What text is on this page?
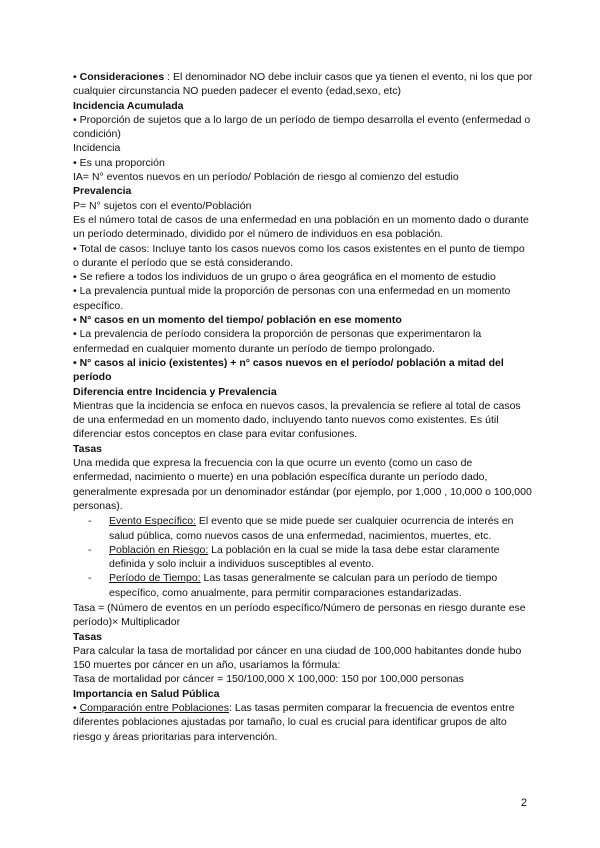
• Consideraciones : El denominador NO debe incluir casos que ya tienen el evento, ni los que por cualquier circunstancia NO pueden padecer el evento (edad,sexo, etc)

Incidencia Acumulada

• Proporción de sujetos que a lo largo de un período de tiempo desarrolla el evento (enfermedad o condición)

Incidencia

• Es una proporción

IA= N° eventos nuevos en un período/ Población de riesgo al comienzo del estudio

Prevalencia

P= N° sujetos con el evento/Población

Es el número total de casos de una enfermedad en una población en un momento dado o durante un período determinado, dividido por el número de individuos en esa población.

• Total de casos: Incluye tanto los casos nuevos como los casos existentes en el punto de tiempo o durante el período que se está considerando.

• Se refiere a todos los individuos de un grupo o área geográfica en el momento de estudio

• La prevalencia puntual mide la proporción de personas con una enfermedad en un momento específico.

• N° casos en un momento del tiempo/ población en ese momento

• La prevalencia de período considera la proporción de personas que experimentaron la enfermedad en cualquier momento durante un período de tiempo prolongado.

• N° casos al inicio (existentes) + n° casos nuevos en el período/ población a mitad del período

Diferencia entre Incidencia y Prevalencia

Mientras que la incidencia se enfoca en nuevos casos, la prevalencia se refiere al total de casos de una enfermedad en un momento dado, incluyendo tanto nuevos como existentes. Es útil diferenciar estos conceptos en clase para evitar confusiones.

Tasas

Una medida que expresa la frecuencia con la que ocurre un evento (como un caso de enfermedad, nacimiento o muerte) en una población específica durante un período dado, generalmente expresada por un denominador estándar (por ejemplo, por 1,000 , 10,000 o 100,000 personas).

- Evento Específico: El evento que se mide puede ser cualquier ocurrencia de interés en salud pública, como nuevos casos de una enfermedad, nacimientos, muertes, etc.
- Población en Riesgo: La población en la cual se mide la tasa debe estar claramente definida y solo incluir a individuos susceptibles al evento.
- Período de Tiempo: Las tasas generalmente se calculan para un período de tiempo específico, como anualmente, para permitir comparaciones estandarizadas.

Tasa = (Número de eventos en un período específico/Número de personas en riesgo durante ese período)× Multiplicador

Tasas

Para calcular la tasa de mortalidad por cáncer en una ciudad de 100,000 habitantes donde hubo 150 muertes por cáncer en un año, usaríamos la fórmula:

Tasa de mortalidad por cáncer = 150/100,000 X 100,000: 150 por 100,000 personas

Importancia en Salud Pública

• Comparación entre Poblaciones: Las tasas permiten comparar la frecuencia de eventos entre diferentes poblaciones ajustadas por tamaño, lo cual es crucial para identificar grupos de alto riesgo y áreas prioritarias para intervención.

2
